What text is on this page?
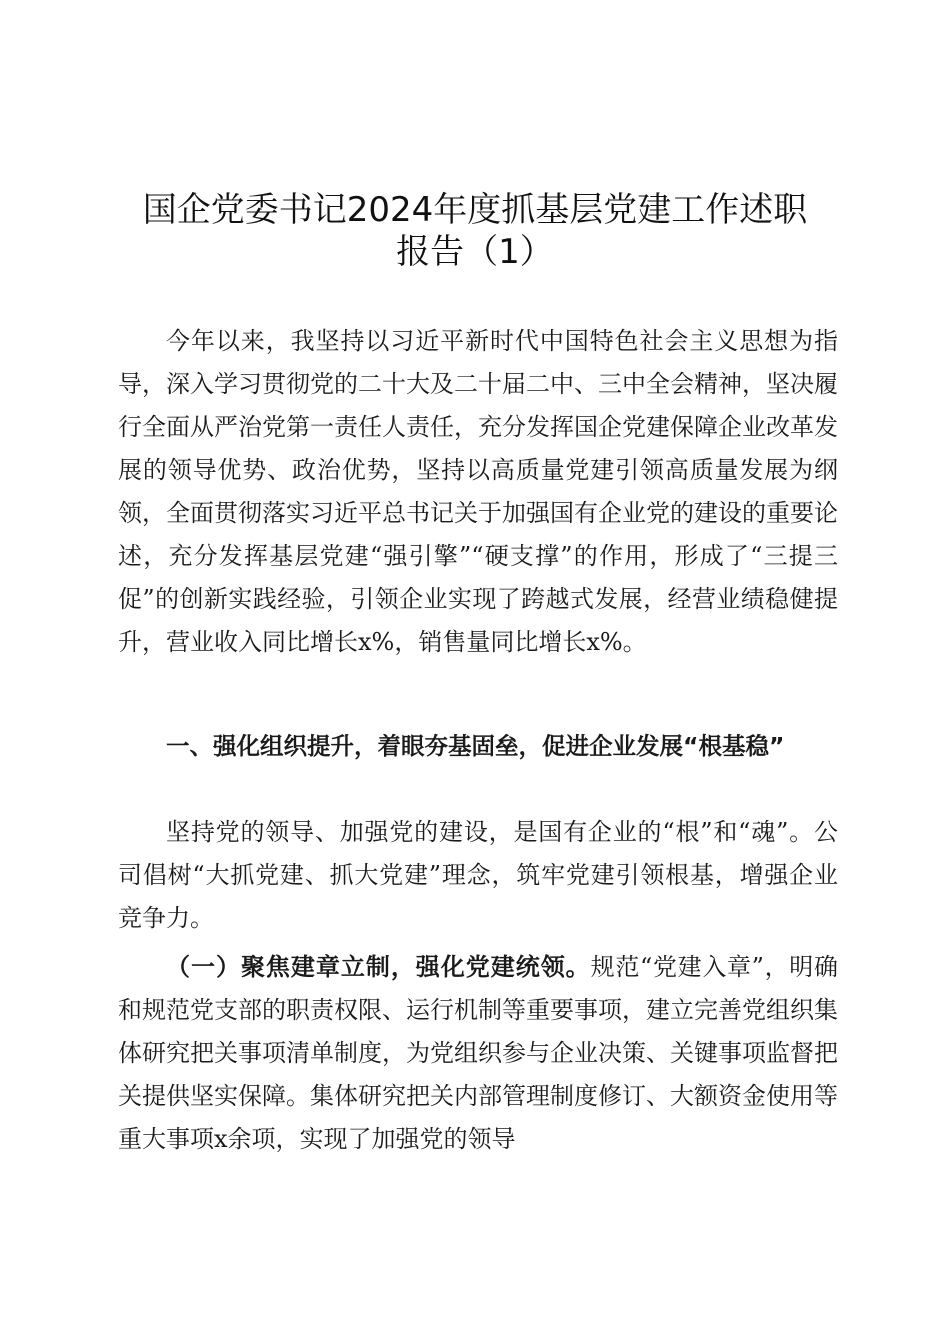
国企党委书记2024年度抓基层党建工作述职
报告（1）
今年以来，我坚持以习近平新时代中国特色社会主义思想为指导，深入学习贯彻党的二十大及二十届二中、三中全会精神，坚决履行全面从严治党第一责任人责任，充分发挥国企党建保障企业改革发展的领导优势、政治优势，坚持以高质量党建引领高质量发展为纲领，全面贯彻落实习近平总书记关于加强国有企业党的建设的重要论述，充分发挥基层党建“强引擎”“硬支撑”的作用，形成了“三提三促”的创新实践经验，引领企业实现了跨越式发展，经营业绩稳健提升，营业收入同比增长x%，销售量同比增长x%。
一、强化组织提升，着眼夯基固垒，促进企业发展“根基稳”
坚持党的领导、加强党的建设，是国有企业的“根”和“魂”。公司倡树“大抓党建、抓大党建”理念，筑牢党建引领根基，增强企业竞争力。
（一）聚焦建章立制，强化党建统领。规范“党建入章”，明确和规范党支部的职责权限、运行机制等重要事项，建立完善党组织集体研究把关事项清单制度，为党组织参与企业决策、关键事项监督把关提供坚实保障。集体研究把关内部管理制度修订、大额资金使用等重大事项x余项，实现了加强党的领导
